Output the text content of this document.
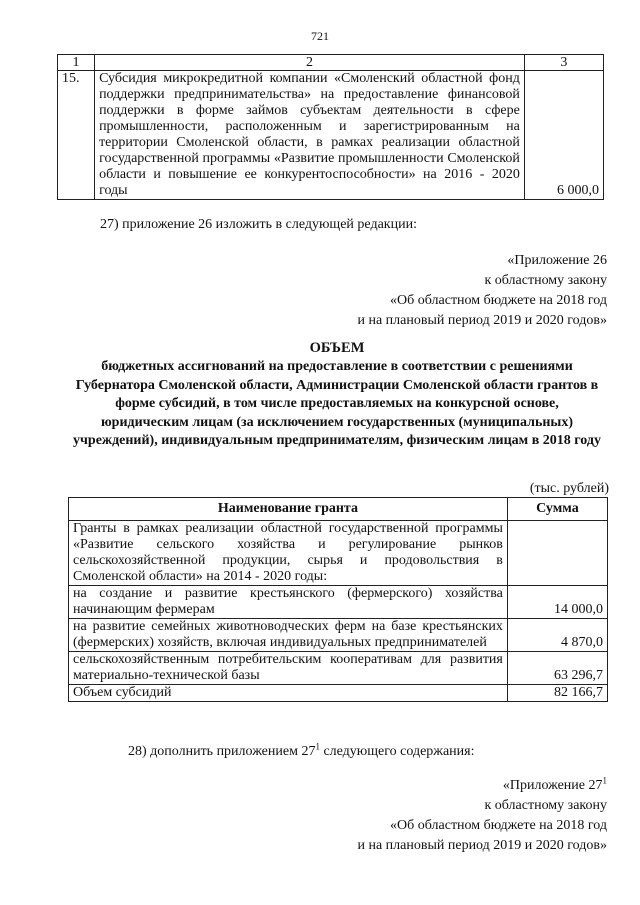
721
1	2	3
15.	Субсидия микрокредитной компании «Смоленский областной фонд поддержки предпринимательства» на предоставление финансовой поддержки в форме займов субъектам деятельности в сфере промышленности, расположенным и зарегистрированным на территории Смоленской области, в рамках реализации областной государственной программы «Развитие промышленности Смоленской области и повышение ее конкурентоспособности» на 2016 - 2020 годы	6 000,0
27) приложение 26 изложить в следующей редакции:
«Приложение 26
к областному закону
«Об областном бюджете на 2018 год
и на плановый период 2019 и 2020 годов»
ОБЪЕМ
бюджетных ассигнований на предоставление в соответствии с решениями Губернатора Смоленской области, Администрации Смоленской области грантов в форме субсидий, в том числе предоставляемых на конкурсной основе, юридическим лицам (за исключением государственных (муниципальных) учреждений), индивидуальным предпринимателям, физическим лицам в 2018 году
(тыс. рублей)
Наименование гранта	Сумма
Гранты в рамках реализации областной государственной программы «Развитие сельского хозяйства и регулирование рынков сельскохозяйственной продукции, сырья и продовольствия в Смоленской области» на 2014 - 2020 годы:	
на создание и развитие крестьянского (фермерского) хозяйства начинающим фермерам	14 000,0
на развитие семейных животноводческих ферм на базе крестьянских (фермерских) хозяйств, включая индивидуальных предпринимателей	4 870,0
сельскохозяйственным потребительским кооперативам для развития материально-технической базы	63 296,7
Объем субсидий	82 166,7
28) дополнить приложением $27^1$ следующего содержания:
«Приложение $27^1$
к областному закону
«Об областном бюджете на 2018 год
и на плановый период 2019 и 2020 годов»
